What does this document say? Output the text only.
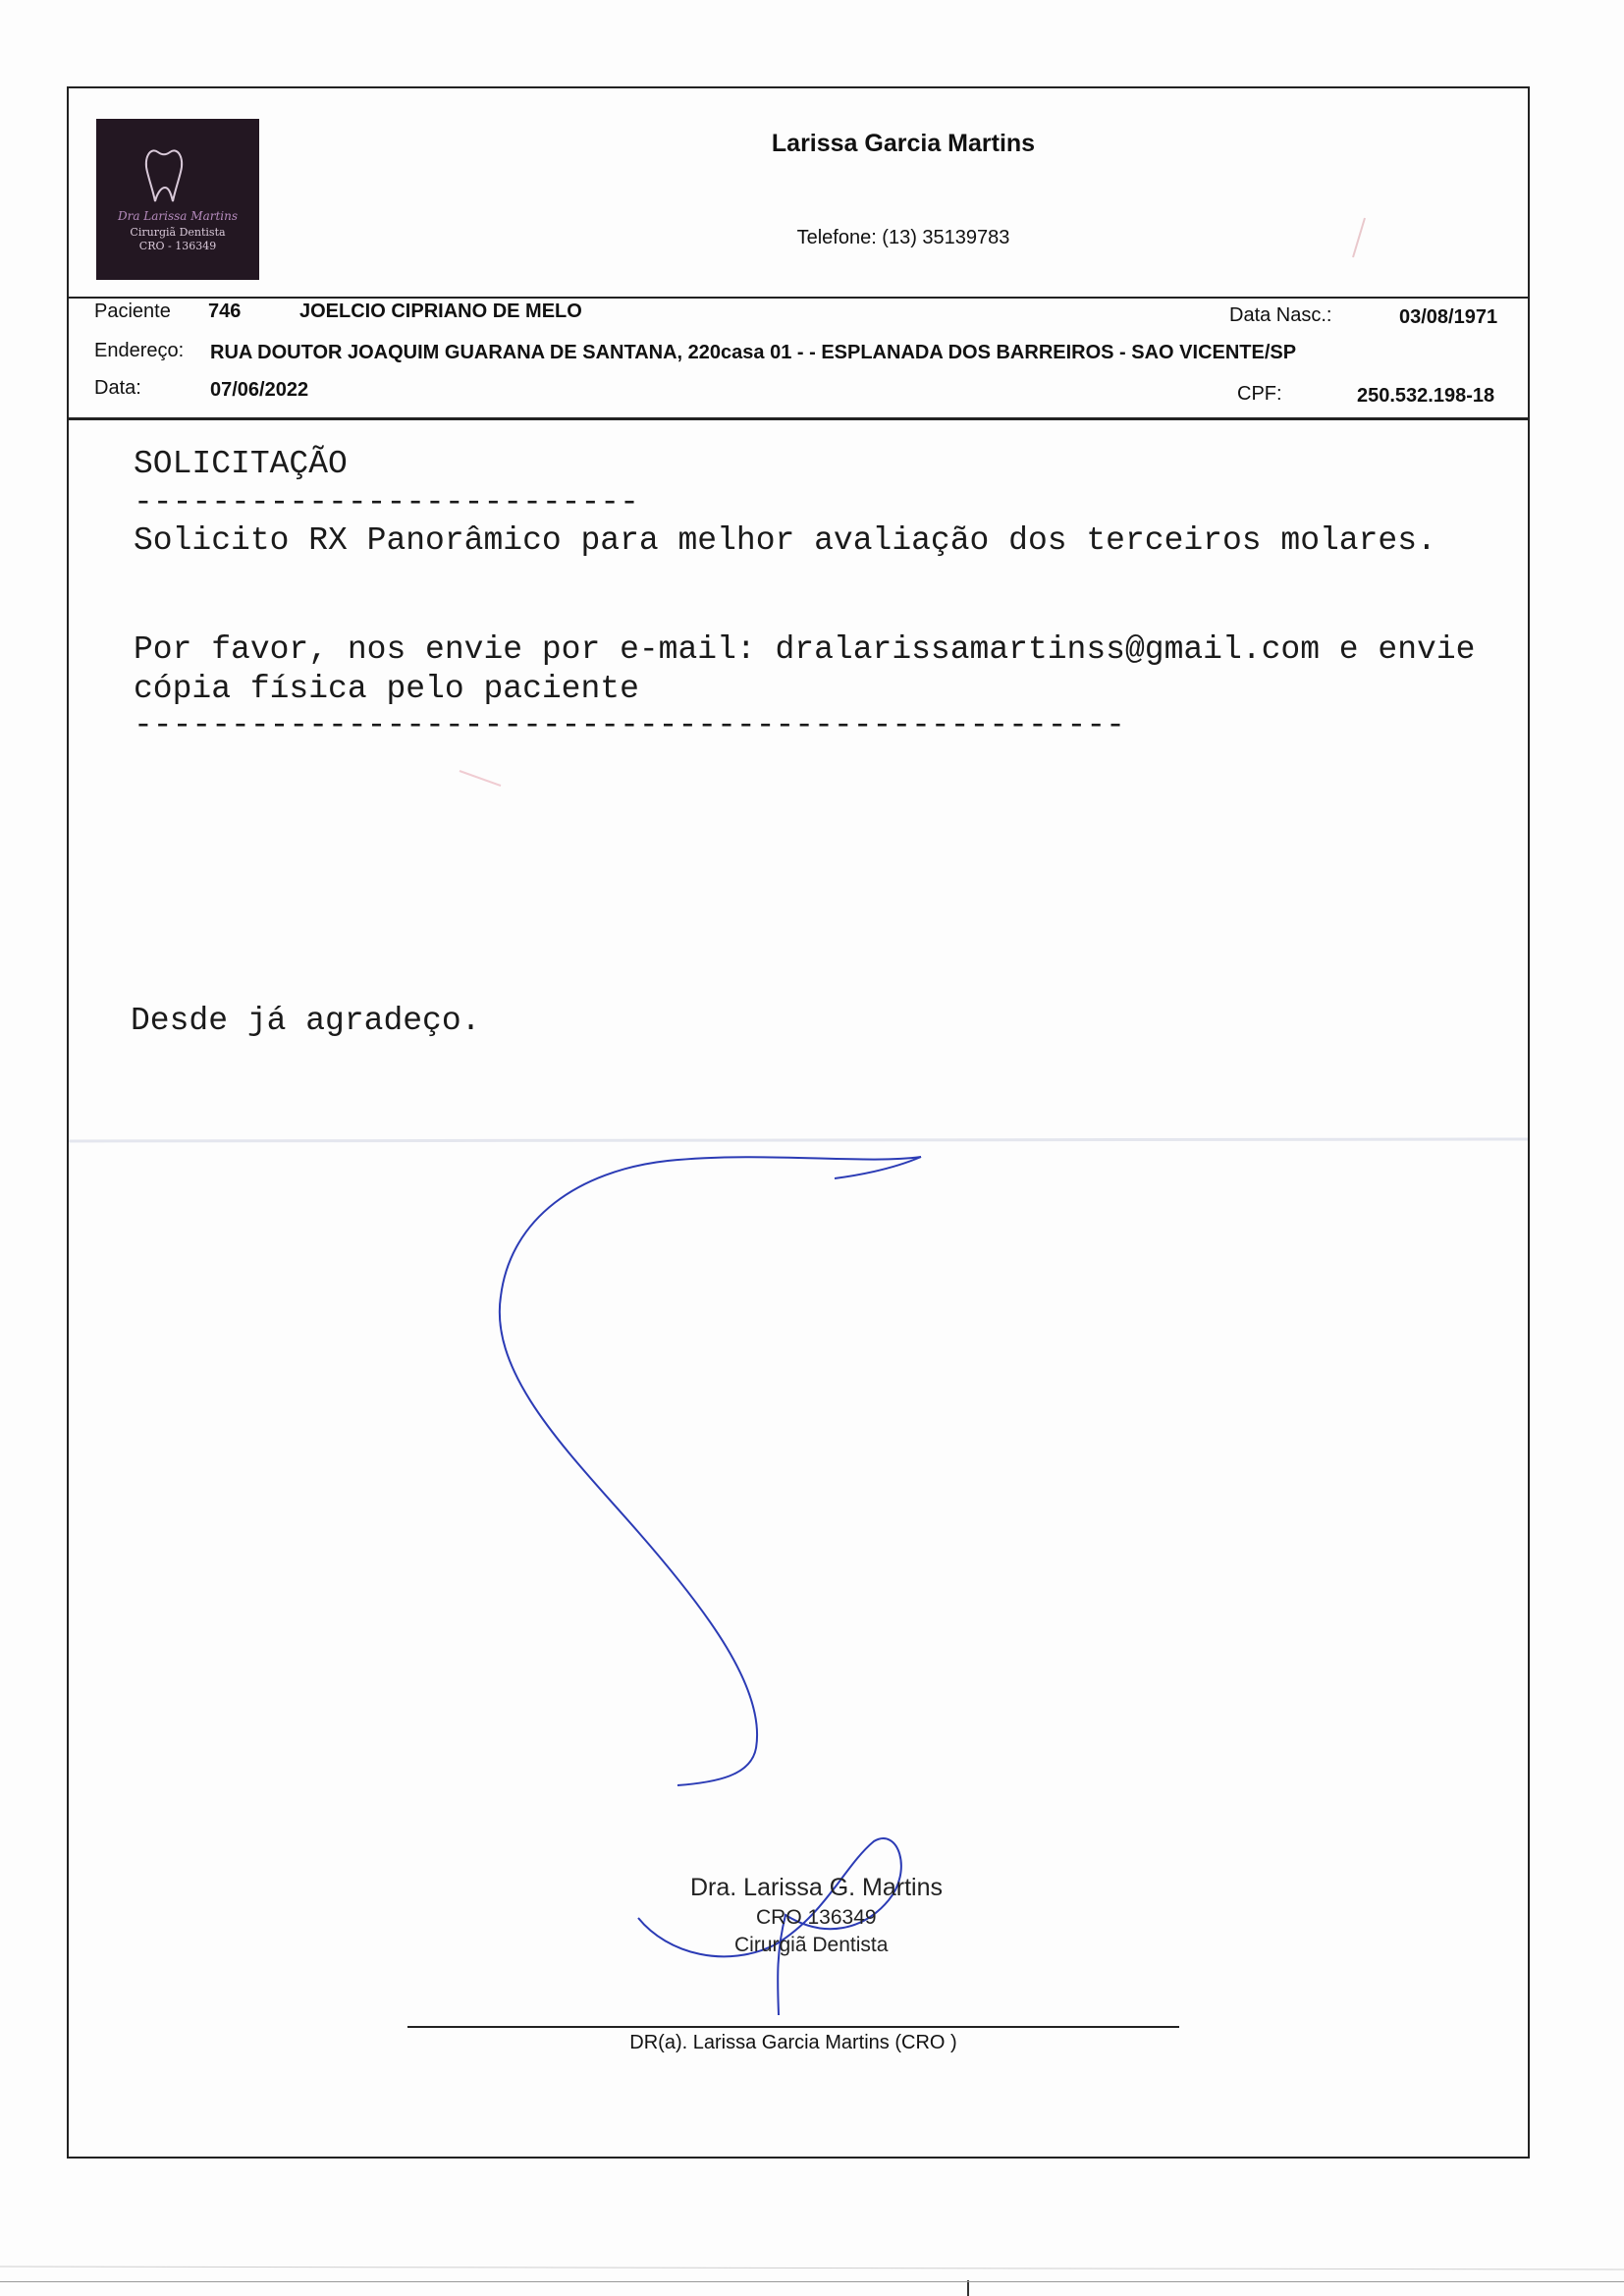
Dra Larissa Martins
Cirurgiã Dentista
CRO - 136349
Larissa Garcia Martins
Telefone: (13) 35139783
Paciente 746	JOELCIO CIPRIANO DE MELO	Data Nasc.:	03/08/1971
Endereço: RUA DOUTOR JOAQUIM GUARANA DE SANTANA, 220casa 01 - - ESPLANADA DOS BARREIROS - SAO VICENTE/SP
Data:	07/06/2022	CPF:	250.532.198-18
SOLICITAÇÃO
--------------------------
Solicito RX Panorâmico para melhor avaliação dos terceiros molares.
Por favor, nos envie por e-mail: dralarissamartinss@gmail.com e envie
cópia física pelo paciente
---------------------------------------------------
Desde já agradeço.
Dra. Larissa G. Martins
CRO 136349
Cirurgiã Dentista
DR(a). Larissa Garcia Martins (CRO )
